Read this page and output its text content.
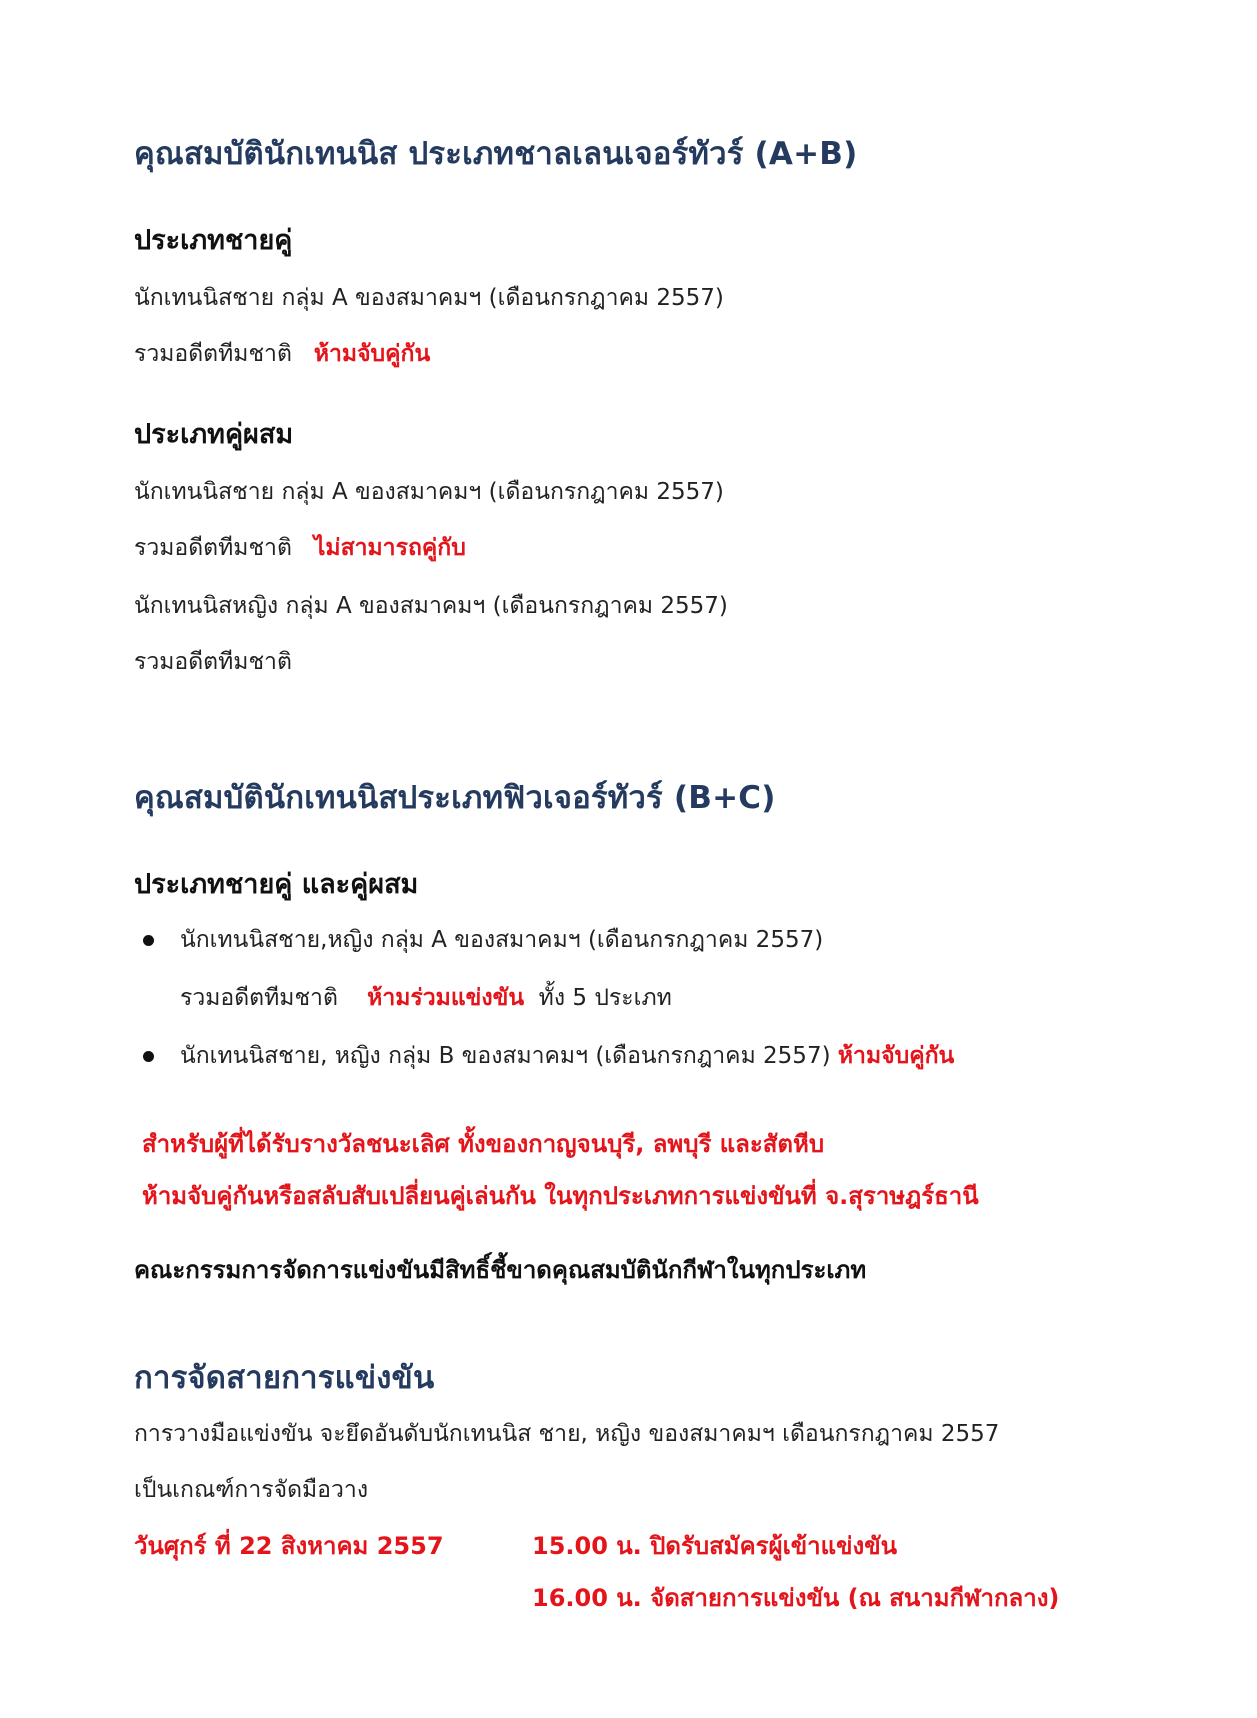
คุณสมบัตินักเทนนิส ประเภทชาลเลนเจอร์ทัวร์ (A+B)
ประเภทชายคู่
นักเทนนิสชาย กลุ่ม A ของสมาคมฯ (เดือนกรกฎาคม 2557)
รวมอดีตทีมชาติ ห้ามจับคู่กัน
ประเภทคู่ผสม
นักเทนนิสชาย กลุ่ม A ของสมาคมฯ (เดือนกรกฎาคม 2557)
รวมอดีตทีมชาติ ไม่สามารถคู่กับ
นักเทนนิสหญิง กลุ่ม A ของสมาคมฯ (เดือนกรกฎาคม 2557)
รวมอดีตทีมชาติ
คุณสมบัตินักเทนนิสประเภทฟิวเจอร์ทัวร์ (B+C)
ประเภทชายคู่ และคู่ผสม
นักเทนนิสชาย,หญิง กลุ่ม A ของสมาคมฯ (เดือนกรกฎาคม 2557)
รวมอดีตทีมชาติ ห้ามร่วมแข่งขัน ทั้ง 5 ประเภท
นักเทนนิสชาย, หญิง กลุ่ม B ของสมาคมฯ (เดือนกรกฎาคม 2557) ห้ามจับคู่กัน
สำหรับผู้ที่ได้รับรางวัลชนะเลิศ ทั้งของกาญจนบุรี, ลพบุรี และสัตหีบ
ห้ามจับคู่กันหรือสลับสับเปลี่ยนคู่เล่นกัน ในทุกประเภทการแข่งขันที่ จ.สุราษฎร์ธานี
คณะกรรมการจัดการแข่งขันมีสิทธิ์ชี้ขาดคุณสมบัตินักกีฬาในทุกประเภท
การจัดสายการแข่งขัน
การวางมือแข่งขัน จะยึดอันดับนักเทนนิส ชาย, หญิง ของสมาคมฯ เดือนกรกฎาคม 2557
เป็นเกณฑ์การจัดมือวาง
วันศุกร์ ที่ 22 สิงหาคม 2557	15.00 น. ปิดรับสมัครผู้เข้าแข่งขัน
16.00 น. จัดสายการแข่งขัน (ณ สนามกีฬากลาง)
